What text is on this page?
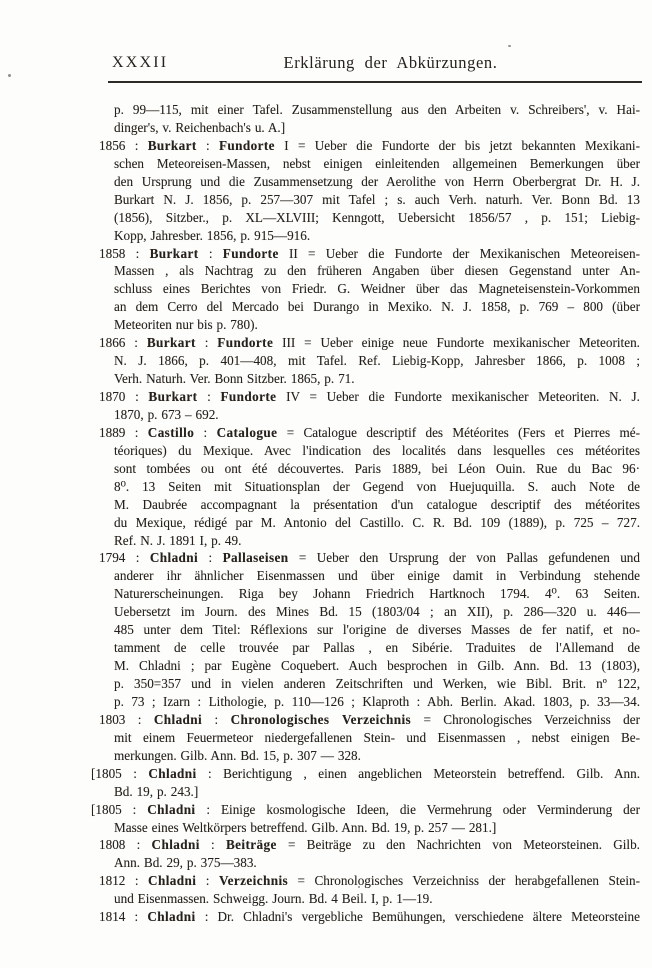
XXXII	Erklärung der Abkürzungen.
p. 99—115, mit einer Tafel. Zusammenstellung aus den Arbeiten v. Schreibers', v. Hai-
dinger's, v. Reichenbach's u. A.]
1856 : Burkart : Fundorte I = Ueber die Fundorte der bis jetzt bekannten Mexikani-
schen Meteoreisen-Massen, nebst einigen einleitenden allgemeinen Bemerkungen über
den Ursprung und die Zusammensetzung der Aerolithe von Herrn Oberbergrat Dr. H. J.
Burkart N. J. 1856, p. 257—307 mit Tafel ; s. auch Verh. naturh. Ver. Bonn Bd. 13
(1856), Sitzber., p. XL—XLVIII; Kenngott, Uebersicht 1856/57 , p. 151; Liebig-
Kopp, Jahresber. 1856, p. 915—916.
1858 : Burkart : Fundorte II = Ueber die Fundorte der Mexikanischen Meteoreisen-
Massen , als Nachtrag zu den früheren Angaben über diesen Gegenstand unter An-
schluss eines Berichtes von Friedr. G. Weidner über das Magneteisenstein-Vorkommen
an dem Cerro del Mercado bei Durango in Mexiko. N. J. 1858, p. 769 – 800 (über
Meteoriten nur bis p. 780).
1866 : Burkart : Fundorte III = Ueber einige neue Fundorte mexikanischer Meteoriten.
N. J. 1866, p. 401—408, mit Tafel. Ref. Liebig-Kopp, Jahresber 1866, p. 1008 ;
Verh. Naturh. Ver. Bonn Sitzber. 1865, p. 71.
1870 : Burkart : Fundorte IV = Ueber die Fundorte mexikanischer Meteoriten. N. J.
1870, p. 673 – 692.
1889 : Castillo : Catalogue = Catalogue descriptif des Météorites (Fers et Pierres mé-
téoriques) du Mexique. Avec l'indication des localités dans lesquelles ces météorites
sont tombées ou ont été découvertes. Paris 1889, bei Léon Ouin. Rue du Bac 96·
8⁰. 13 Seiten mit Situationsplan der Gegend von Huejuquilla. S. auch Note de
M. Daubrée accompagnant la présentation d'un catalogue descriptif des météorites
du Mexique, rédigé par M. Antonio del Castillo. C. R. Bd. 109 (1889), p. 725 – 727.
Ref. N. J. 1891 I, p. 49.
1794 : Chladni : Pallaseisen = Ueber den Ursprung der von Pallas gefundenen und
anderer ihr ähnlicher Eisenmassen und über einige damit in Verbindung stehende
Naturerscheinungen. Riga bey Johann Friedrich Hartknoch 1794. 4⁰. 63 Seiten.
Uebersetzt im Journ. des Mines Bd. 15 (1803/04 ; an XII), p. 286—320 u. 446—
485 unter dem Titel: Réflexions sur l'origine de diverses Masses de fer natif, et no-
tamment de celle trouvée par Pallas , en Sibérie. Traduites de l'Allemand de
M. Chladni ; par Eugène Coquebert. Auch besprochen in Gilb. Ann. Bd. 13 (1803),
p. 350=357 und in vielen anderen Zeitschriften und Werken, wie Bibl. Brit. nº 122,
p. 73 ; Izarn : Lithologie, p. 110—126 ; Klaproth : Abh. Berlin. Akad. 1803, p. 33—34.
1803 : Chladni : Chronologisches Verzeichnis = Chronologisches Verzeichniss der
mit einem Feuermeteor niedergefallenen Stein- und Eisenmassen , nebst einigen Be-
merkungen. Gilb. Ann. Bd. 15, p. 307 — 328.
[1805 : Chladni : Berichtigung , einen angeblichen Meteorstein betreffend. Gilb. Ann.
Bd. 19, p. 243.]
[1805 : Chladni : Einige kosmologische Ideen, die Vermehrung oder Verminderung der
Masse eines Weltkörpers betreffend. Gilb. Ann. Bd. 19, p. 257 — 281.]
1808 : Chladni : Beiträge = Beiträge zu den Nachrichten von Meteorsteinen. Gilb.
Ann. Bd. 29, p. 375—383.
1812 : Chladni : Verzeichnis = Chronologisches Verzeichniss der herabgefallenen Stein-
und Eisenmassen. Schweigg. Journ. Bd. 4 Beil. I, p. 1—19.
1814 : Chladni : Dr. Chladni's vergebliche Bemühungen, verschiedene ältere Meteorsteine
